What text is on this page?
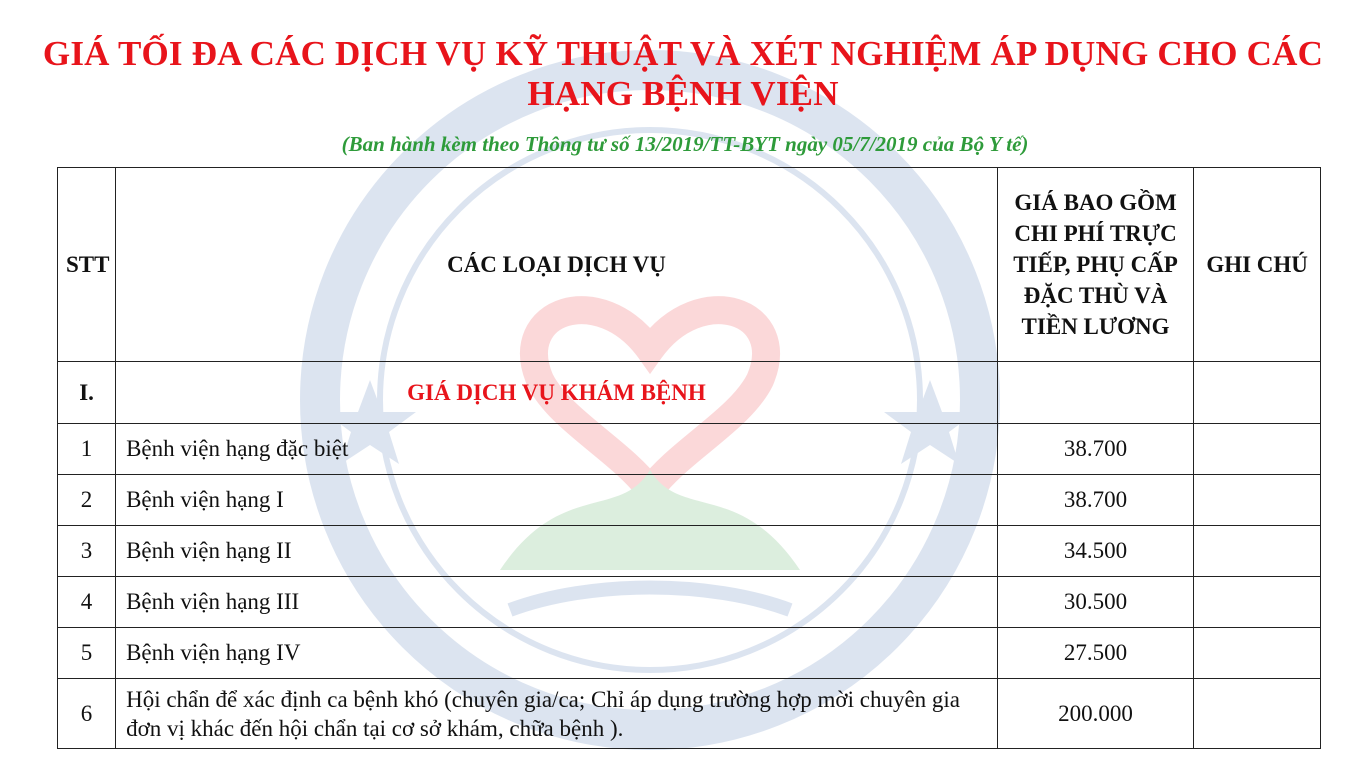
GIÁ TỐI ĐA CÁC DỊCH VỤ KỸ THUẬT VÀ XÉT NGHIỆM ÁP DỤNG CHO CÁC HẠNG BỆNH VIỆN
(Ban hành kèm theo Thông tư số 13/2019/TT-BYT ngày 05/7/2019 của Bộ Y tế)
STT	CÁC LOẠI DỊCH VỤ	GIÁ BAO GỒM CHI PHÍ TRỰC TIẾP, PHỤ CẤP ĐẶC THÙ VÀ TIỀN LƯƠNG	GHI CHÚ
I.	GIÁ DỊCH VỤ KHÁM BỆNH		
1	Bệnh viện hạng đặc biệt	38.700	
2	Bệnh viện hạng I	38.700	
3	Bệnh viện hạng II	34.500	
4	Bệnh viện hạng III	30.500	
5	Bệnh viện hạng IV	27.500	
6	Hội chẩn để xác định ca bệnh khó (chuyên gia/ca; Chỉ áp dụng trường hợp mời chuyên gia đơn vị khác đến hội chẩn tại cơ sở khám, chữa bệnh ).	200.000	
